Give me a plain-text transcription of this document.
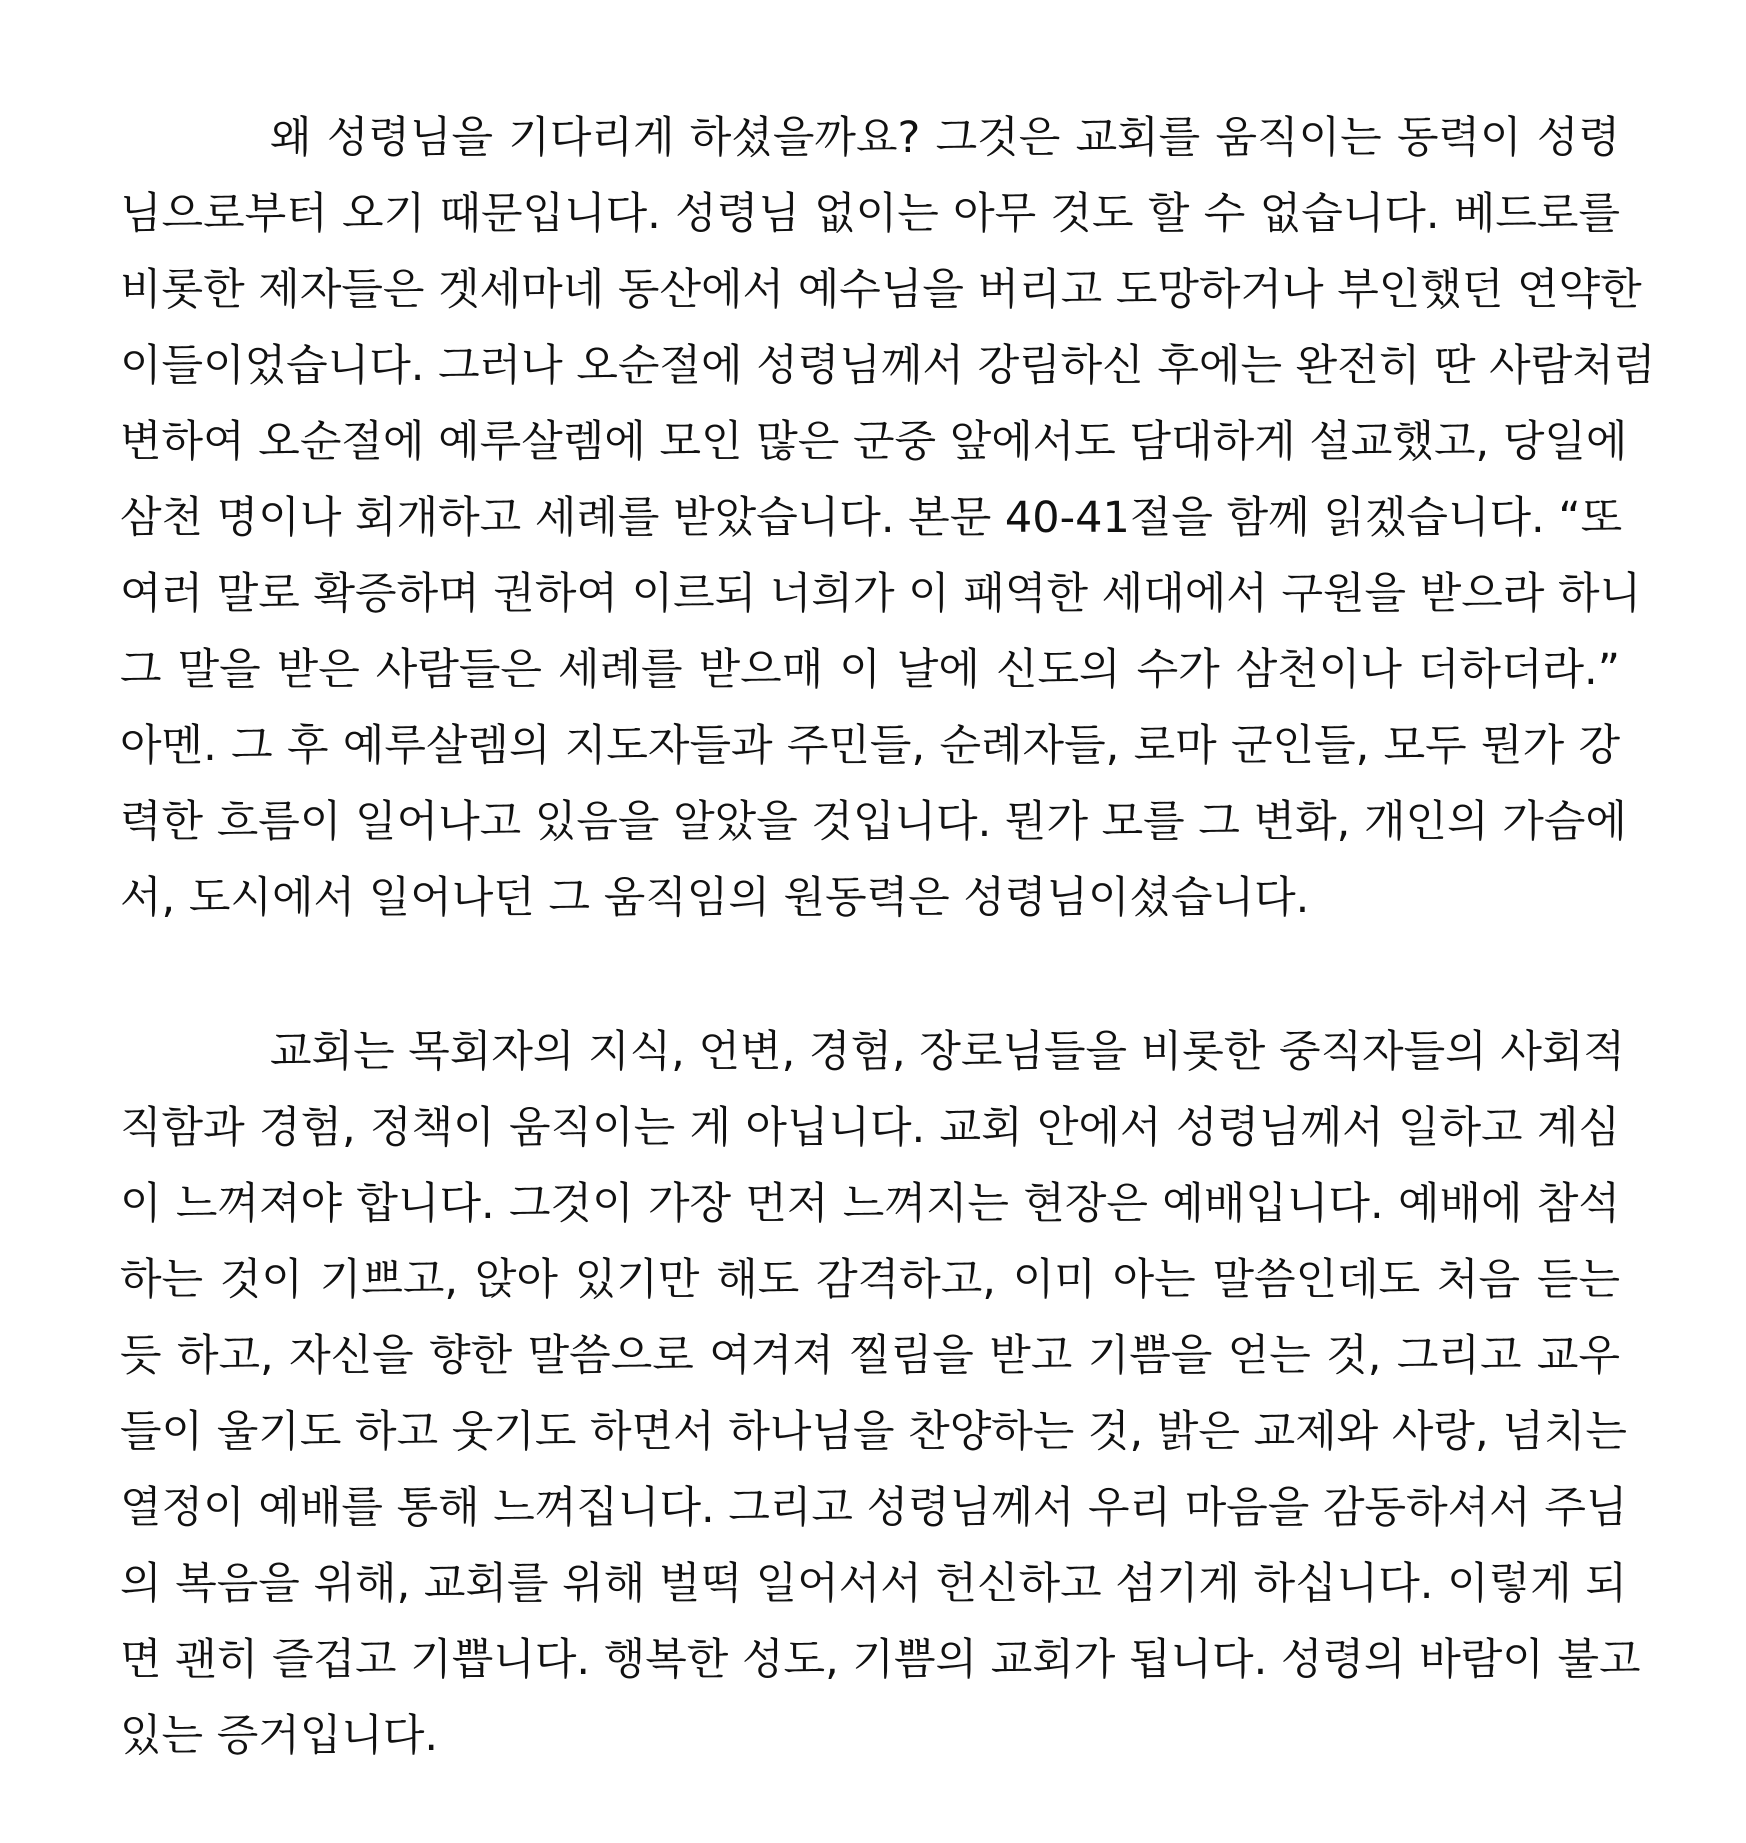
왜 성령님을 기다리게 하셨을까요? 그것은 교회를 움직이는 동력이 성령
님으로부터 오기 때문입니다. 성령님 없이는 아무 것도 할 수 없습니다. 베드로를
비롯한 제자들은 겟세마네 동산에서 예수님을 버리고 도망하거나 부인했던 연약한
이들이었습니다. 그러나 오순절에 성령님께서 강림하신 후에는 완전히 딴 사람처럼
변하여 오순절에 예루살렘에 모인 많은 군중 앞에서도 담대하게 설교했고, 당일에
삼천 명이나 회개하고 세례를 받았습니다. 본문 40-41절을 함께 읽겠습니다. “또
여러 말로 확증하며 권하여 이르되 너희가 이 패역한 세대에서 구원을 받으라 하니
그 말을 받은 사람들은 세례를 받으매 이 날에 신도의 수가 삼천이나 더하더라.”
아멘. 그 후 예루살렘의 지도자들과 주민들, 순례자들, 로마 군인들, 모두 뭔가 강
력한 흐름이 일어나고 있음을 알았을 것입니다. 뭔가 모를 그 변화, 개인의 가슴에
서, 도시에서 일어나던 그 움직임의 원동력은 성령님이셨습니다.
교회는 목회자의 지식, 언변, 경험, 장로님들을 비롯한 중직자들의 사회적
직함과 경험, 정책이 움직이는 게 아닙니다. 교회 안에서 성령님께서 일하고 계심
이 느껴져야 합니다. 그것이 가장 먼저 느껴지는 현장은 예배입니다. 예배에 참석
하는 것이 기쁘고, 앉아 있기만 해도 감격하고, 이미 아는 말씀인데도 처음 듣는
듯 하고, 자신을 향한 말씀으로 여겨져 찔림을 받고 기쁨을 얻는 것, 그리고 교우
들이 울기도 하고 웃기도 하면서 하나님을 찬양하는 것, 밝은 교제와 사랑, 넘치는
열정이 예배를 통해 느껴집니다. 그리고 성령님께서 우리 마음을 감동하셔서 주님
의 복음을 위해, 교회를 위해 벌떡 일어서서 헌신하고 섬기게 하십니다. 이렇게 되
면 괜히 즐겁고 기쁩니다. 행복한 성도, 기쁨의 교회가 됩니다. 성령의 바람이 불고
있는 증거입니다.
